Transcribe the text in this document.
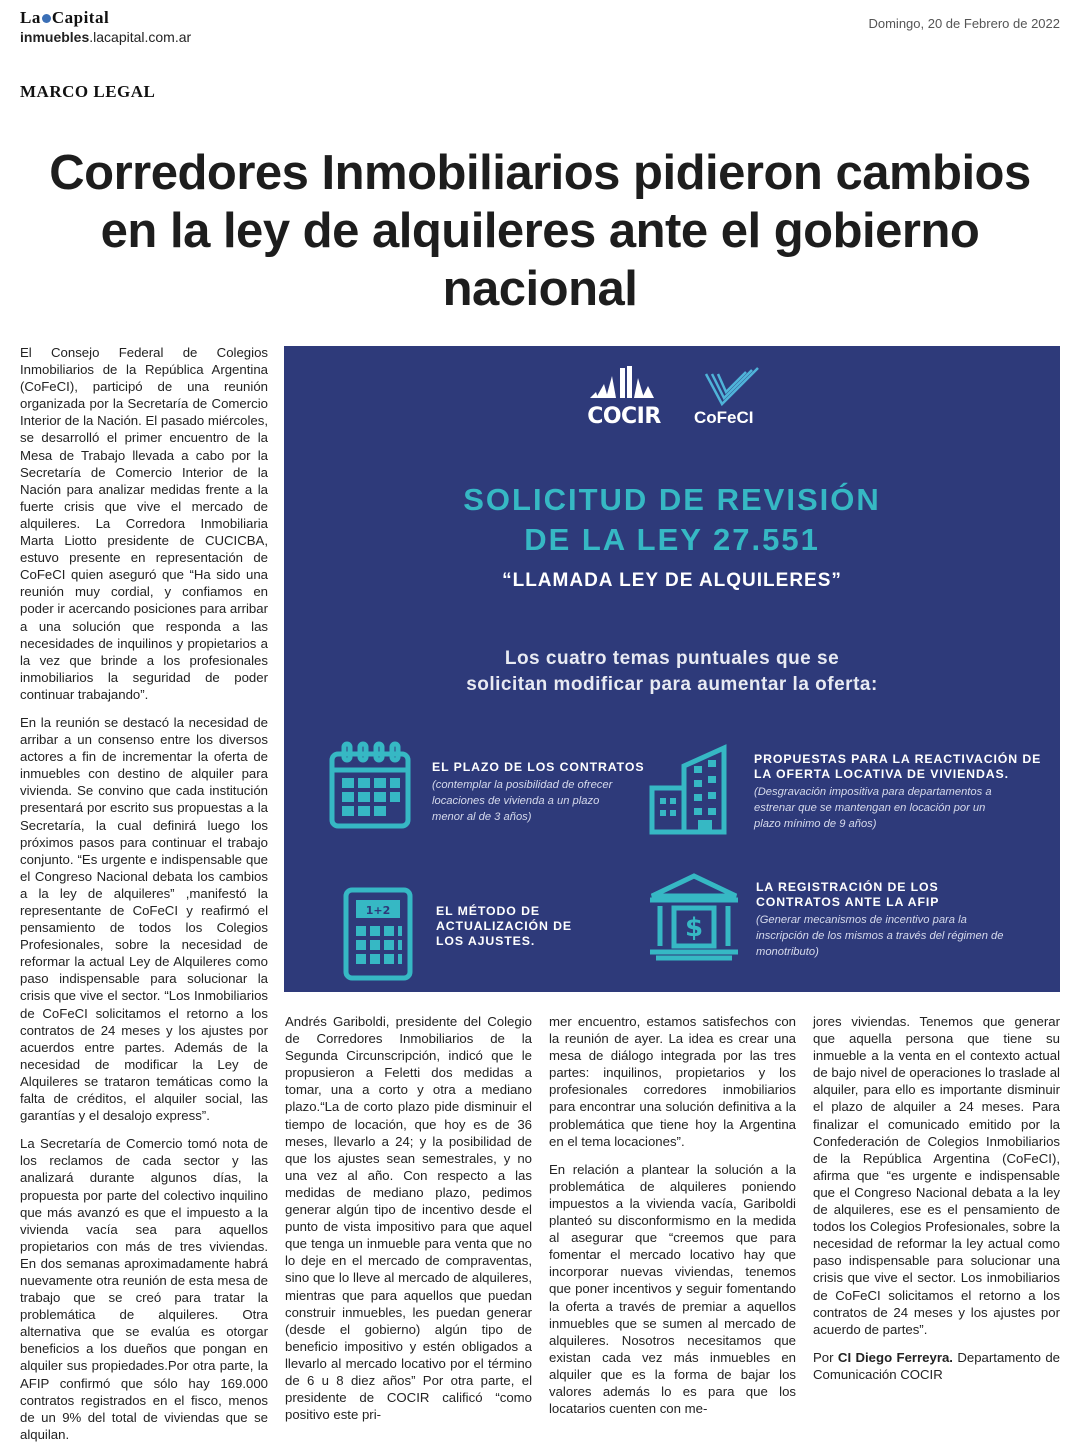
La Capital
inmuebles.lacapital.com.ar
Domingo, 20 de Febrero de 2022
MARCO LEGAL
Corredores Inmobiliarios pidieron cambios en la ley de alquileres ante el gobierno nacional

El Consejo Federal de Colegios Inmobiliarios de la República Argentina (CoFeCI), participó de una reunión organizada por la Secretaría de Comercio Interior de la Nación. El pasado miércoles, se desarrolló el primer encuentro de la Mesa de Trabajo llevada a cabo por la Secretaría de Comercio Interior de la Nación para analizar medidas frente a la fuerte crisis que vive el mercado de alquileres. La Corredora Inmobiliaria Marta Liotto presidente de CUCICBA, estuvo presente en representación de CoFeCI quien aseguró que “Ha sido una reunión muy cordial, y confiamos en poder ir acercando posiciones para arribar a una solución que responda a las necesidades de inquilinos y propietarios a la vez que brinde a los profesionales inmobiliarios la seguridad de poder continuar trabajando”.

En la reunión se destacó la necesidad de arribar a un consenso entre los diversos actores a fin de incrementar la oferta de inmuebles con destino de alquiler para vivienda. Se convino que cada institución presentará por escrito sus propuestas a la Secretaría, la cual definirá luego los próximos pasos para continuar el trabajo conjunto. “Es urgente e indispensable que el Congreso Nacional debata los cambios a la ley de alquileres” ,manifestó la representante de CoFeCI y reafirmó el pensamiento de todos los Colegios Profesionales, sobre la necesidad de reformar la actual Ley de Alquileres como paso indispensable para solucionar la crisis que vive el sector. “Los Inmobiliarios de CoFeCI solicitamos el retorno a los contratos de 24 meses y los ajustes por acuerdos entre partes. Además de la necesidad de modificar la Ley de Alquileres se trataron temáticas como la falta de créditos, el alquiler social, las garantías y el desalojo express”.

La Secretaría de Comercio tomó nota de los reclamos de cada sector y las analizará durante algunos días, la propuesta por parte del colectivo inquilino que más avanzó es que el impuesto a la vivienda vacía sea para aquellos propietarios con más de tres viviendas. En dos semanas aproximadamente habrá nuevamente otra reunión de esta mesa de trabajo que se creó para tratar la problemática de alquileres. Otra alternativa que se evalúa es otorgar beneficios a los dueños que pongan en alquiler sus propiedades.Por otra parte, la AFIP confirmó que sólo hay 169.000 contratos registrados en el fisco, menos de un 9% del total de viviendas que se alquilan.

COCIR CoFeCI
SOLICITUD DE REVISIÓN
DE LA LEY 27.551
“LLAMADA LEY DE ALQUILERES”
Los cuatro temas puntuales que se
solicitan modificar para aumentar la oferta:
EL PLAZO DE LOS CONTRATOS
(contemplar la posibilidad de ofrecer locaciones de vivienda a un plazo menor al de 3 años)
PROPUESTAS PARA LA REACTIVACIÓN DE LA OFERTA LOCATIVA DE VIVIENDAS.
(Desgravación impositiva para departamentos a estrenar que se mantengan en locación por un plazo mínimo de 9 años)
1+2	EL MÉTODO DE ACTUALIZACIÓN DE LOS AJUSTES.	$
LA REGISTRACIÓN DE LOS CONTRATOS ANTE LA AFIP
(Generar mecanismos de incentivo para la inscripción de los mismos a través del régimen de monotributo)

Andrés Gariboldi, presidente del Colegio de Corredores Inmobiliarios de la Segunda Circunscripción, indicó que le propusieron a Feletti dos medidas a tomar, una a corto y otra a mediano plazo.“La de corto plazo pide disminuir el tiempo de locación, que hoy es de 36 meses, llevarlo a 24; y la posibilidad de que los ajustes sean semestrales, y no una vez al año. Con respecto a las medidas de mediano plazo, pedimos generar algún tipo de incentivo desde el punto de vista impositivo para que aquel que tenga un inmueble para venta que no lo deje en el mercado de compraventas, sino que lo lleve al mercado de alquileres, mientras que para aquellos que puedan construir inmuebles, les puedan generar (desde el gobierno) algún tipo de beneficio impositivo y estén obligados a llevarlo al mercado locativo por el término de 6 u 8 diez años” Por otra parte, el presidente de COCIR calificó “como positivo este pri-

mer encuentro, estamos satisfechos con la reunión de ayer. La idea es crear una mesa de diálogo integrada por las tres partes: inquilinos, propietarios y los profesionales corredores inmobiliarios para encontrar una solución definitiva a la problemática que tiene hoy la Argentina en el tema locaciones”.

En relación a plantear la solución a la problemática de alquileres poniendo impuestos a la vivienda vacía, Gariboldi planteó su disconformismo en la medida al asegurar que “creemos que para fomentar el mercado locativo hay que incorporar nuevas viviendas, tenemos que poner incentivos y seguir fomentando la oferta a través de premiar a aquellos inmuebles que se sumen al mercado de alquileres. Nosotros necesitamos que existan cada vez más inmuebles en alquiler que es la forma de bajar los valores además lo es para que los locatarios cuenten con me-

jores viviendas. Tenemos que generar que aquella persona que tiene su inmueble a la venta en el contexto actual de bajo nivel de operaciones lo traslade al alquiler, para ello es importante disminuir el plazo de alquiler a 24 meses. Para finalizar el comunicado emitido por la Confederación de Colegios Inmobiliarios de la República Argentina (CoFeCI), afirma que “es urgente e indispensable que el Congreso Nacional debata a la ley de alquileres, ese es el pensamiento de todos los Colegios Profesionales, sobre la necesidad de reformar la ley actual como paso indispensable para solucionar una crisis que vive el sector. Los inmobiliarios de CoFeCI solicitamos el retorno a los contratos de 24 meses y los ajustes por acuerdo de partes”.

Por CI Diego Ferreyra. Departamento de Comunicación COCIR
